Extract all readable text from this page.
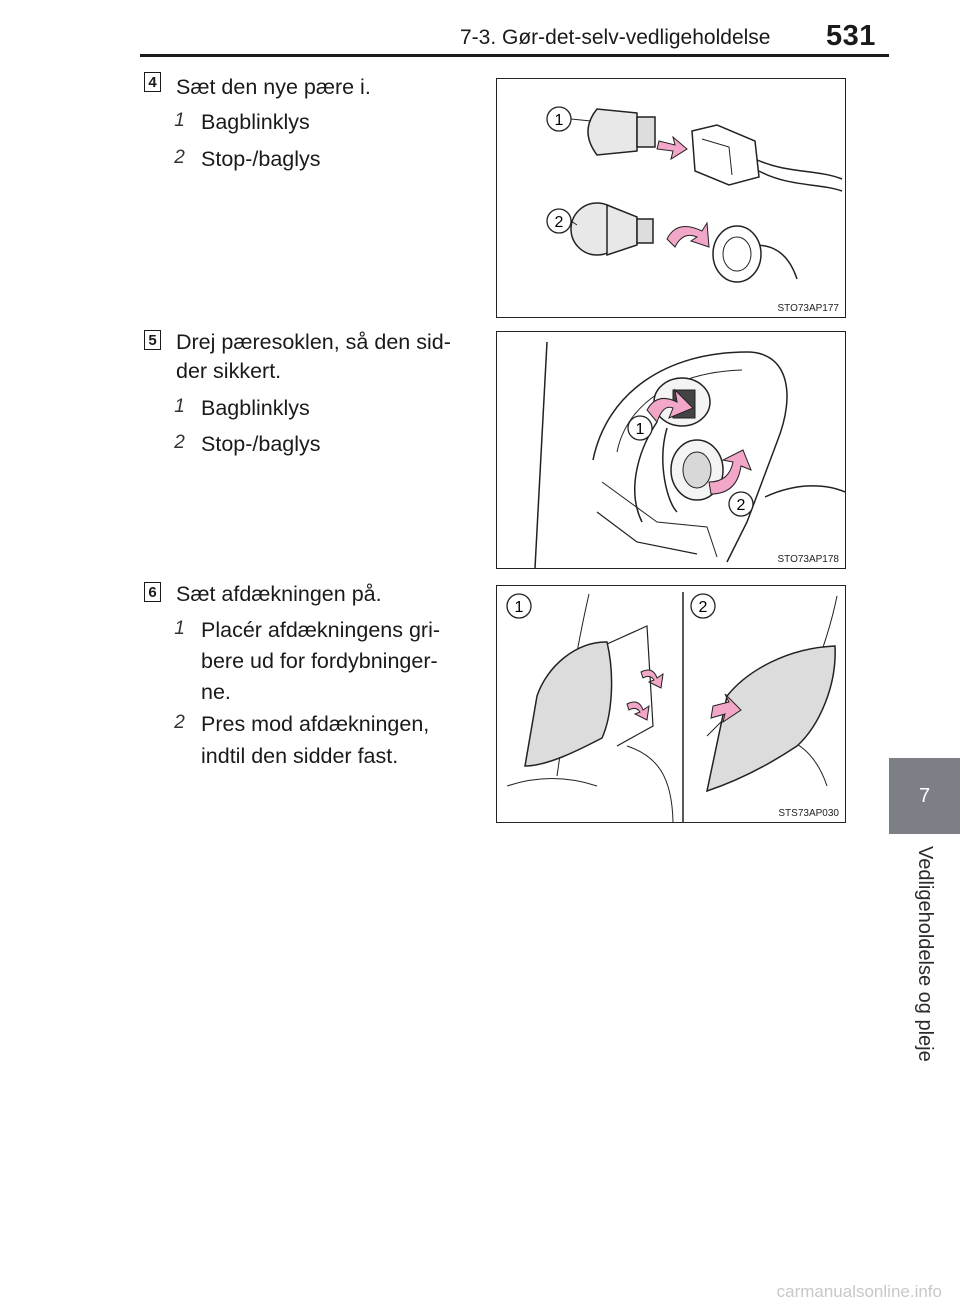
7-3. Gør-det-selv-vedligeholdelse 531
7
Vedligeholdelse og pleje
4 Sæt den nye pære i.
1 Bagblinklys
2 Stop-/baglys
1
2
STO73AP177
5 Drej pæresoklen, så den sid-
der sikkert.
1 Bagblinklys
2 Stop-/baglys
1
2
STO73AP178
6 Sæt afdækningen på.
1 Placér afdækningens gri-
bere ud for fordybninger-
ne.
2 Pres mod afdækningen,
indtil den sidder fast.
1	2
STS73AP030
carmanualsonline.info
